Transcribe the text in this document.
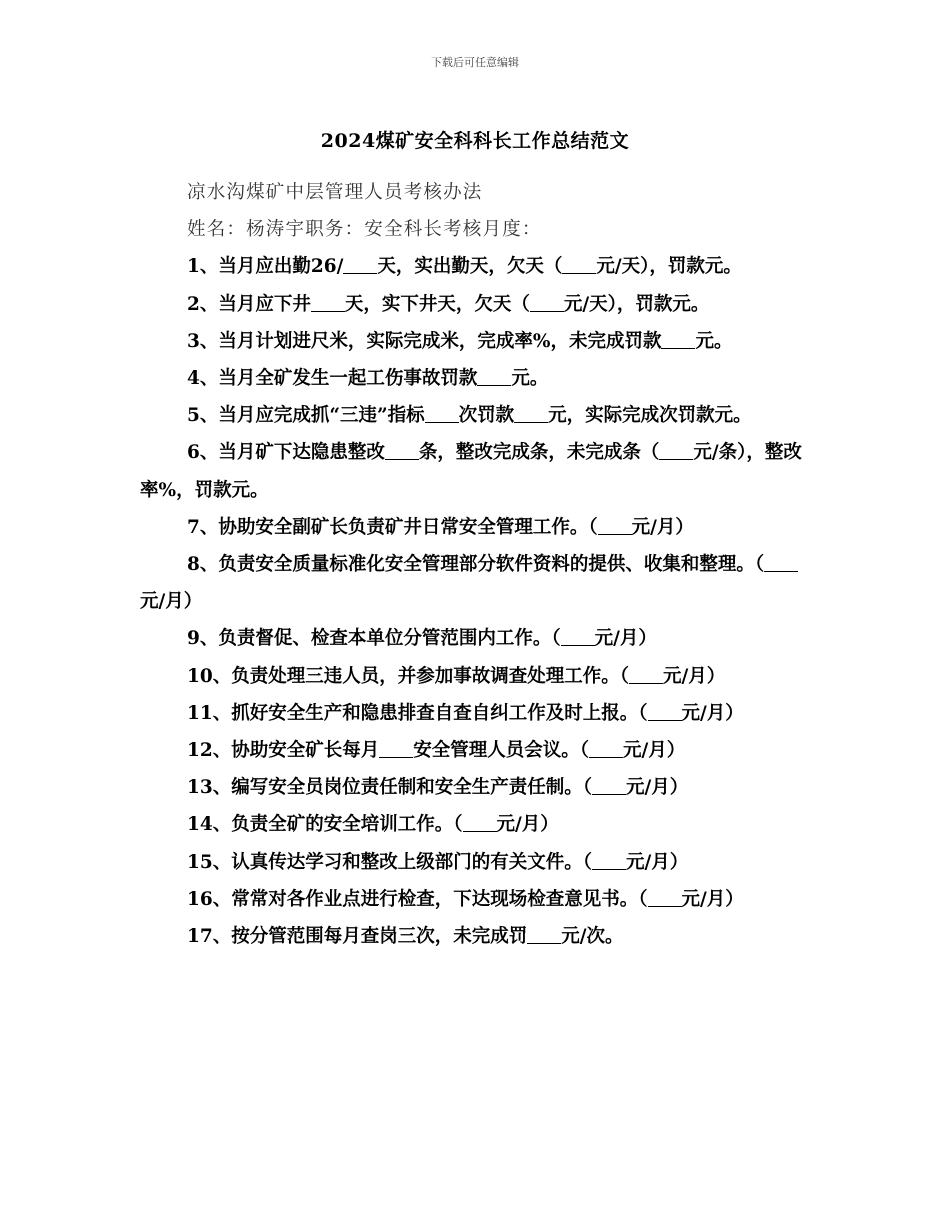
下载后可任意编辑
2024煤矿安全科科长工作总结范文

凉水沟煤矿中层管理人员考核办法

姓名：杨涛宇职务：安全科长考核月度：

1、当月应出勤26/ 天，实出勤天，欠天（ 元/天），罚款元。

2、当月应下井 天，实下井天，欠天（ 元/天），罚款元。

3、当月计划进尺米，实际完成米，完成率%，未完成罚款 元。

4、当月全矿发生一起工伤事故罚款 元。

5、当月应完成抓“三违”指标 次罚款 元，实际完成次罚款元。

6、当月矿下达隐患整改 条，整改完成条，未完成条（ 元/条），整改率%，罚款元。

7、协助安全副矿长负责矿井日常安全管理工作。（ 元/月）

8、负责安全质量标准化安全管理部分软件资料的提供、收集和整理。（元/月）

9、负责督促、检查本单位分管范围内工作。（ 元/月）

10、负责处理三违人员，并参加事故调查处理工作。（ 元/月）

11、抓好安全生产和隐患排查自查自纠工作及时上报。（ 元/月）

12、协助安全矿长每月 安全管理人员会议。（ 元/月）

13、编写安全员岗位责任制和安全生产责任制。（ 元/月）

14、负责全矿的安全培训工作。（ 元/月）

15、认真传达学习和整改上级部门的有关文件。（ 元/月）

16、常常对各作业点进行检查，下达现场检查意见书。（ 元/月）

17、按分管范围每月查岗三次，未完成罚 元/次。
